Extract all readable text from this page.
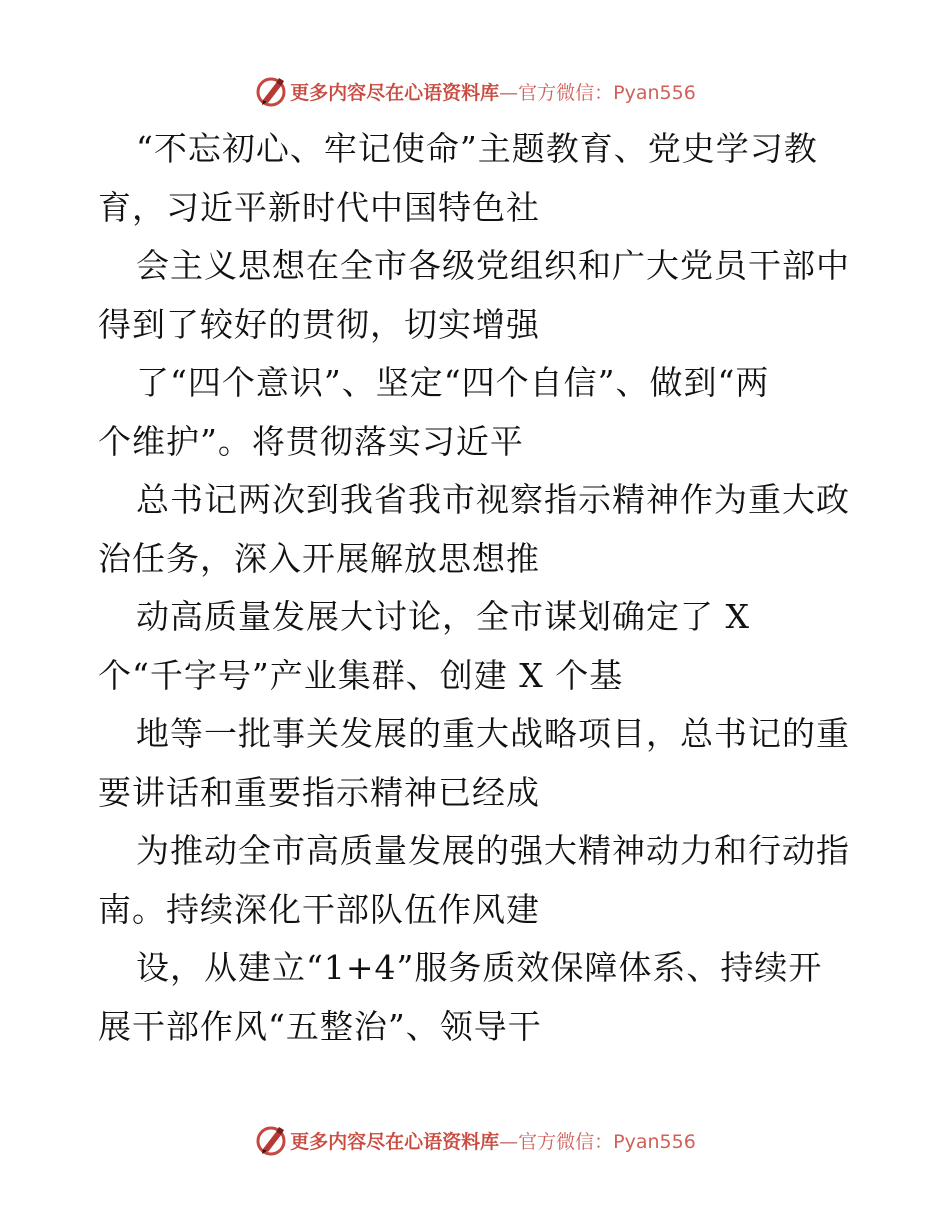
更多内容尽在心语资料库—官方微信：Pyan556
“不忘初心、牢记使命”主题教育、党史学习教
育，习近平新时代中国特色社
会主义思想在全市各级党组织和广大党员干部中
得到了较好的贯彻，切实增强
了“四个意识”、坚定“四个自信”、做到“两
个维护”。将贯彻落实习近平
总书记两次到我省我市视察指示精神作为重大政
治任务，深入开展解放思想推
动高质量发展大讨论，全市谋划确定了 X
个“千字号”产业集群、创建 X 个基
地等一批事关发展的重大战略项目，总书记的重
要讲话和重要指示精神已经成
为推动全市高质量发展的强大精神动力和行动指
南。持续深化干部队伍作风建
设，从建立“1+4”服务质效保障体系、持续开
展干部作风“五整治”、领导干
更多内容尽在心语资料库—官方微信：Pyan556
